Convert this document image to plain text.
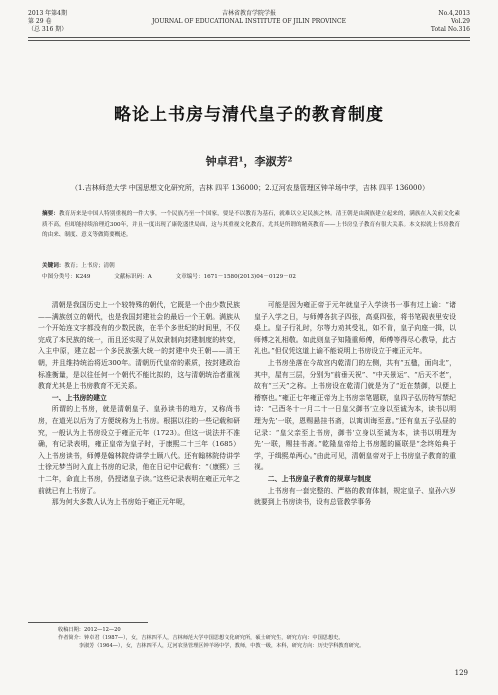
2013 年第4期
第 29 卷
（总 316 期）
吉林省教育学院学报
JOURNAL OF EDUCATIONAL INSTITUTE OF JILIN PROVINCE
No.4,2013
Vol.29
Total No.316
略论上书房与清代皇子的教育制度
钟卓君¹，李淑芳²
（1.吉林师范大学 中国思想文化研究所，吉林 四平 136000；2.辽河农垦管理区钟羊场中学，吉林 四平 136000）
摘要：教育历来是中国人特别重视的一件大事，一个民族乃至一个国家，要是不以教育为基石，就难以立足民族之林。清王朝是由满族建立起来的，满族在入关前文化素质不高，但却能持续治理近300年，并且一度出现了康乾盛世局面，这与其重视文化教育，尤其是所谓的精英教育——上书房皇子教育有很大关系。本文拟就上书房教育的由来、制度、意义等做简要概述。
关键词：教育；上书房；清朝
中图分类号：K249	文献标识码：A	文章编号：1671－1580(2013)04－0129－02

清朝是我国历史上一个较特殊的朝代，它既是一个由少数民族——满族创立的朝代，也是我国封建社会的最后一个王朝。满族从一个开始连文字都没有的少数民族，在半个多世纪的时间里，不仅完成了本民族的统一，而且还实现了从奴隶制向封建制度的转变，入主中原，建立起一个多民族强大统一的封建中央王朝——清王朝，并且维持统治将近300年。清朝历代皇帝的素质，按封建政治标准衡量，是以往任何一个朝代不能比拟的，这与清朝统治者重视教育尤其是上书房教育不无关系。

一、上书房的建立

所谓的上书房，就是清朝皇子、皇孙读书的地方，又称尚书房，在道光以后为了方便统称为上书房。根据以往的一些记载和研究，一般认为上书房设立于雍正元年（1723）。但这一说法并不准确，有记录表明，雍正皇帝为皇子时，于康熙二十三年（1685）入上书房读书，师傅是翰林院侍讲学士顾八代。还有翰林院侍讲学士徐元梦当时入直上书房的记录，他在日记中记载有：“（康熙）三十二年，命直上书房，仍授诸皇子读。”这些记录表明在雍正元年之前就已有上书房了。

那为何大多数人认为上书房始于雍正元年呢，

可能是因为雍正帝于元年就皇子入学读书一事有过上谕：“诸皇子入学之日，与师傅各抗子四张，高桌四张，将书笔砚表里安设桌上。皇子行礼时，尔等力劝其受礼，如不肯，皇子向座一揖，以师傅之礼相敬。如此则皇子知隆重师傅，师傅等得尽心教导，此古礼也。”但仅凭这道上谕不能说明上书房设立于雍正元年。

上书房坐落在今故宫内乾清门的左侧，共有“五楹，面向北”，其中，屋有三层，分别为“前垂天祝”、“中天景运”、“后天不老”，故有“三天”之称。上书房设在乾清门就是为了“近在禁御，以便上稽察也。”雍正七年雍正帝为上书房亲笔题联，皇四子弘历特写禁纪诗：“己酉冬十一月二十一日皇父御书‘立身以至诚为本，读书以明理为先’一联，恩赐悬挂书斋，以寓训诲至意。”还有皇五子弘昼的记录：“皇父亲至上书房，御书‘立身以至诚为本，读书以明理为先’一联，赐挂书斋。”乾隆皇帝给上书房题的匾联是“念终始典于学，于缉熙单两心。”由此可见，清朝皇帝对于上书房皇子教育的重视。

二、上书房皇子教育的规章与制度

上书房有一套完整的、严格的教育体制，规定皇子、皇孙六岁就要到上书房读书，设有总管教学事务

收稿日期：2012—12—20
作者简介：钟卓君（1987—），女，吉林四平人，吉林师范大学中国思想文化研究所，硕士研究生，研究方向：中国思想史。
李淑芳（1964—），女，吉林四平人，辽河农垦管理区钟羊场中学，教师，中教一级，本科，研究方向：历史学科教育研究。
129
